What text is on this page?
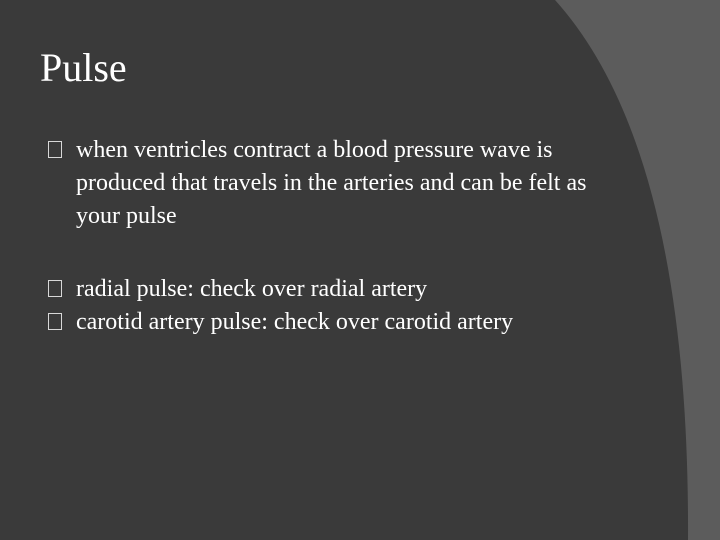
Pulse
when ventricles contract a blood pressure wave is produced that travels in the arteries and can be felt as your pulse
radial pulse: check over radial artery
carotid artery pulse: check over carotid artery
